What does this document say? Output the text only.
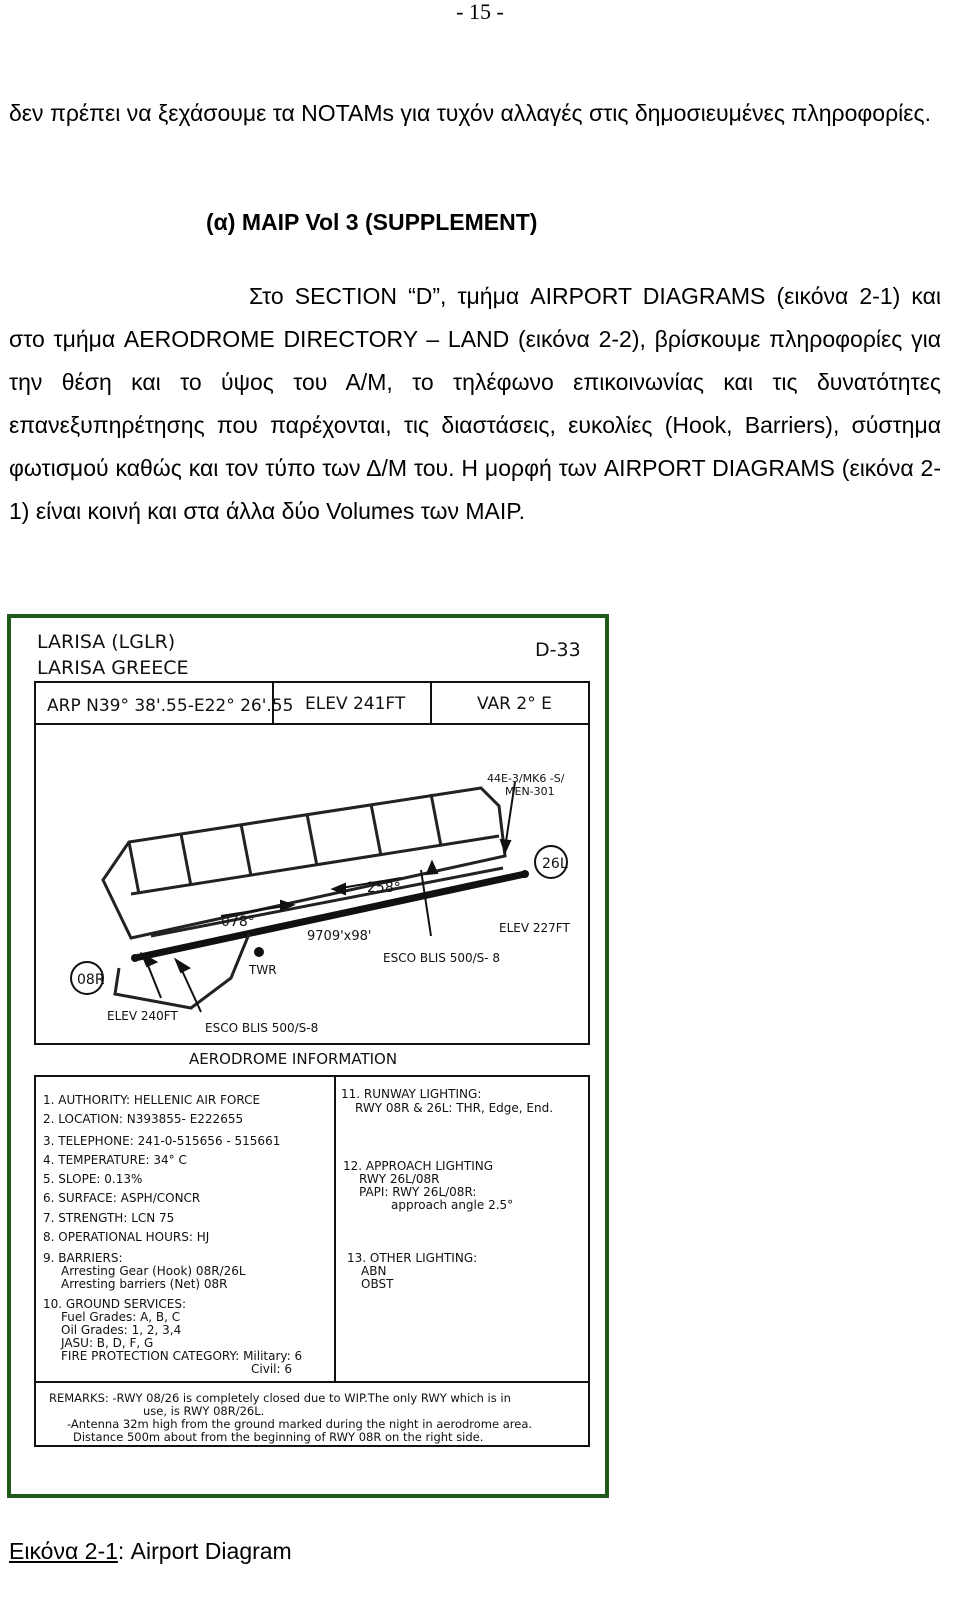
- 15 -
δεν πρέπει να ξεχάσουμε τα NOTAMs για τυχόν αλλαγές στις δημοσιευμένες πληροφορίες.
(α) MAIP Vol 3 (SUPPLEMENT)
Στο SECTION “D”, τμήμα AIRPORT DIAGRAMS (εικόνα 2-1) και στο τμήμα AERODROME DIRECTORY – LAND (εικόνα 2-2), βρίσκουμε πληροφορίες για την θέση και το ύψος του Α/Μ, το τηλέφωνο επικοινωνίας και τις δυνατότητες επανεξυπηρέτησης που παρέχονται, τις διαστάσεις, ευκολίες (Hook, Barriers), σύστημα φωτισμού καθώς και τον τύπο των Δ/Μ του. Η μορφή των AIRPORT DIAGRAMS (εικόνα 2-1) είναι κοινή και στα άλλα δύο Volumes των MAIP.
LARISA (LGLR)
LARISA GREECE
D-33
ARP N39° 38'.55-E22° 26'.55 ELEV 241FT	VAR 2° E
TWR
26L
08R
44E-3/MK6 -S/
MEN-301
258°
078°
9709'x98'
ELEV 227FT
ESCO BLIS 500/S- 8
ELEV 240FT
ESCO BLIS 500/S-8
AERODROME INFORMATION
1. AUTHORITY: HELLENIC AIR FORCE
2. LOCATION: N393855- E222655
3. TELEPHONE: 241-0-515656 - 515661
4. TEMPERATURE: 34° C
5. SLOPE: 0.13%
6. SURFACE: ASPH/CONCR
7. STRENGTH: LCN 75
8. OPERATIONAL HOURS: HJ
9. BARRIERS:
Arresting Gear (Hook) 08R/26L
Arresting barriers (Net) 08R
10. GROUND SERVICES:
Fuel Grades: A, B, C
Oil Grades: 1, 2, 3,4
JASU: B, D, F, G
FIRE PROTECTION CATEGORY: Military: 6
Civil: 6
11. RUNWAY LIGHTING:
RWY 08R & 26L: THR, Edge, End.
12. APPROACH LIGHTING
RWY 26L/08R
PAPI: RWY 26L/08R:
approach angle 2.5°
13. OTHER LIGHTING:
ABN
OBST
REMARKS: -RWY 08/26 is completely closed due to WIP.The only RWY which is in
use, is RWY 08R/26L.
-Antenna 32m high from the ground marked during the night in aerodrome area.
Distance 500m about from the beginning of RWY 08R on the right side.
Εικόνα 2-1: Airport Diagram
